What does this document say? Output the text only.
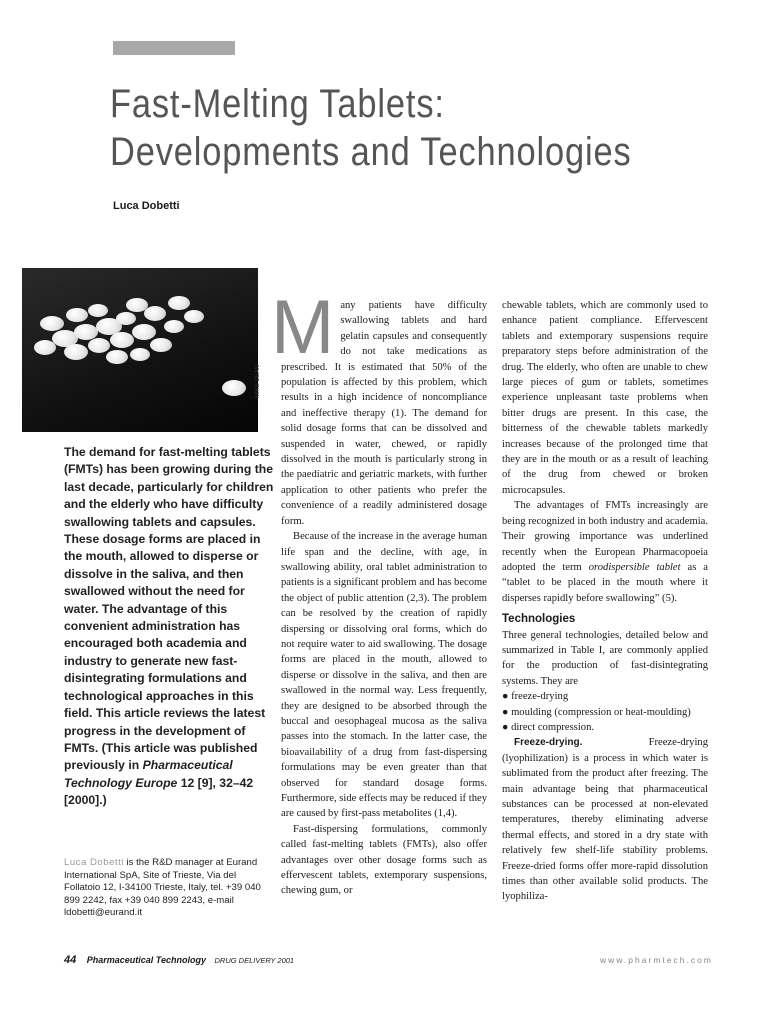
Fast-Melting Tablets:
Developments and Technologies
Luca Dobetti
MIKE DEAN

The demand for fast-melting tablets (FMTs) has been growing during the last decade, particularly for children and the elderly who have difficulty swallowing tablets and capsules. These dosage forms are placed in the mouth, allowed to disperse or dissolve in the saliva, and then swallowed without the need for water. The advantage of this convenient administration has encouraged both academia and industry to generate new fast-disintegrating formulations and technological approaches in this field. This article reviews the latest progress in the development of FMTs. (This article was published previously in Pharmaceutical Technology Europe 12 [9], 32–42 [2000].)

Luca Dobetti is the R&D manager at Eurand International SpA, Site of Trieste, Via del Follatoio 12, I-34100 Trieste, Italy, tel. +39 040 899 2242, fax +39 040 899 2243, e-mail ldobetti@eurand.it

M any patients have difficulty swallowing tablets and hard gelatin capsules and consequently do not take medications as prescribed. It is estimated that 50% of the population is affected by this problem, which results in a high incidence of noncompliance and ineffective therapy (1). The demand for solid dosage forms that can be dissolved and suspended in water, chewed, or rapidly dissolved in the mouth is particularly strong in the paediatric and geriatric markets, with further application to other patients who prefer the convenience of a readily administered dosage form.

Because of the increase in the average human life span and the decline, with age, in swallowing ability, oral tablet administration to patients is a significant problem and has become the object of public attention (2,3). The problem can be resolved by the creation of rapidly dispersing or dissolving oral forms, which do not require water to aid swallowing. The dosage forms are placed in the mouth, allowed to disperse or dissolve in the saliva, and then are swallowed in the normal way. Less frequently, they are designed to be absorbed through the buccal and oesophageal mucosa as the saliva passes into the stomach. In the latter case, the bioavailability of a drug from fast-dispersing formulations may be even greater than that observed for standard dosage forms. Furthermore, side effects may be reduced if they are caused by first-pass metabolites (1,4).

Fast-dispersing formulations, commonly called fast-melting tablets (FMTs), also offer advantages over other dosage forms such as effervescent tablets, extemporary suspensions, chewing gum, or

chewable tablets, which are commonly used to enhance patient compliance. Effervescent tablets and extemporary suspensions require preparatory steps before administration of the drug. The elderly, who often are unable to chew large pieces of gum or tablets, sometimes experience unpleasant taste problems when bitter drugs are present. In this case, the bitterness of the chewable tablets markedly increases because of the prolonged time that they are in the mouth or as a result of leaching of the drug from chewed or broken microcapsules.

The advantages of FMTs increasingly are being recognized in both industry and academia. Their growing importance was underlined recently when the European Pharmacopoeia adopted the term orodispersible tablet as a “tablet to be placed in the mouth where it disperses rapidly before swallowing” (5).

Technologies

Three general technologies, detailed below and summarized in Table I, are commonly applied for the production of fast-disintegrating systems. They are

● freeze-drying
● moulding (compression or heat-moulding)
● direct compression.

Freeze-drying. Freeze-drying (lyophilization) is a process in which water is sublimated from the product after freezing. The main advantage being that pharmaceutical substances can be processed at non-elevated temperatures, thereby eliminating adverse thermal effects, and stored in a dry state with relatively few shelf-life stability problems. Freeze-dried forms offer more-rapid dissolution times than other available solid products. The lyophiliza-

44 Pharmaceutical Technology DRUG DELIVERY 2001	www.pharmtech.com
